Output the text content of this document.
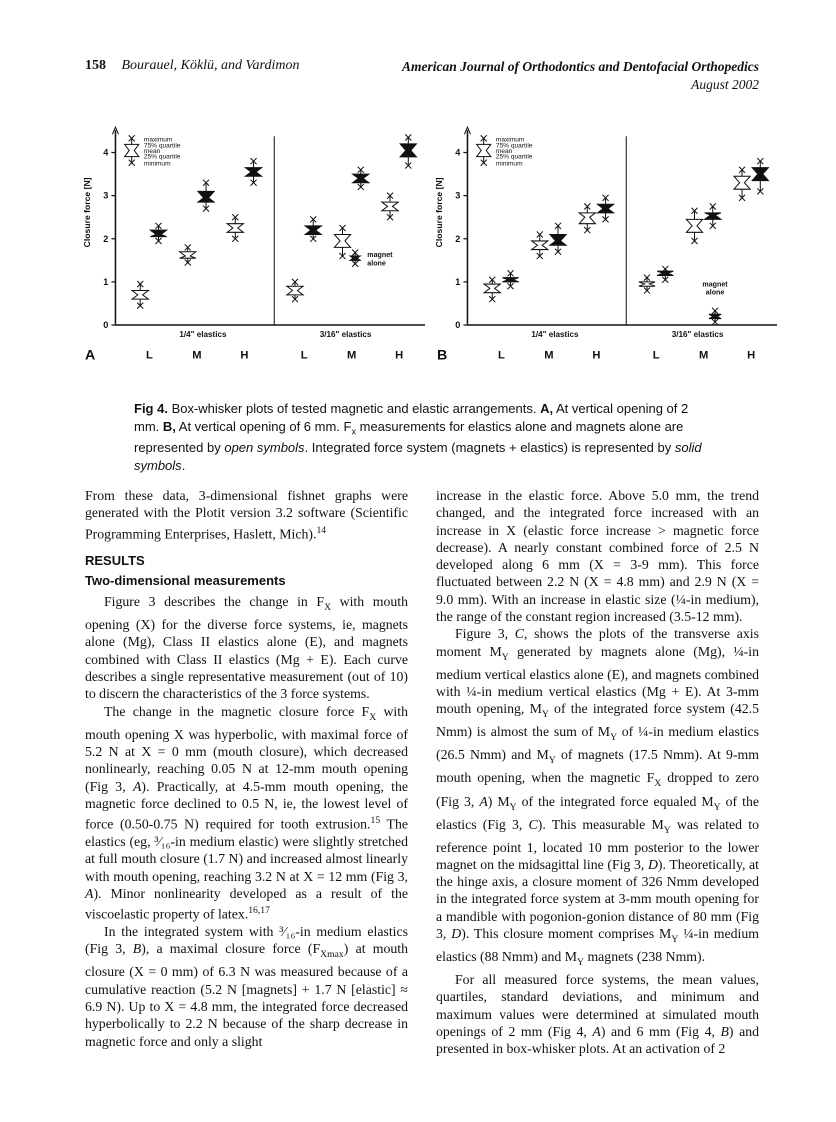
158 Bourauel, Köklü, and Vardimon	American Journal of Orthodontics and Dentofacial Orthopedics
August 2002
0
1
2
3
4
Closure force [N]
1/4" elastics	3/16" elastics
L	M	H	L	M	H
A
maximum
75% quartile
mean
25% quartile
minimum
magnet
alone
0
1
2
3
4
Closure force [N]
1/4" elastics	3/16" elastics
L	M	H	L	M	H
B
maximum
75% quartile
mean
25% quartile
minimum
magnet
alone
Fig 4. Box-whisker plots of tested magnetic and elastic arrangements. A, At vertical opening of 2 mm. B, At vertical opening of 6 mm. $F_x$ measurements for elastics alone and magnets alone are represented by open symbols. Integrated force system (magnets + elastics) is represented by solid symbols.

From these data, 3-dimensional fishnet graphs were generated with the Plotit version 3.2 software (Scientific Programming Enterprises, Haslett, Mich).$^{14}$

RESULTS
Two-dimensional measurements

Figure 3 describes the change in $F_X$ with mouth opening (X) for the diverse force systems, ie, magnets alone (Mg), Class II elastics alone (E), and magnets combined with Class II elastics (Mg + E). Each curve describes a single representative measurement (out of 10) to discern the characteristics of the 3 force systems.

The change in the magnetic closure force $F_X$ with mouth opening X was hyperbolic, with maximal force of 5.2 N at X = 0 mm (mouth closure), which decreased nonlinearly, reaching 0.05 N at 12-mm mouth opening (Fig 3, A). Practically, at 4.5-mm mouth opening, the magnetic force declined to 0.5 N, ie, the lowest level of force (0.50-0.75 N) required for tooth extrusion.$^{15}$ The elastics (eg, ³⁄₁₆-in medium elastic) were slightly stretched at full mouth closure (1.7 N) and increased almost linearly with mouth opening, reaching 3.2 N at X = 12 mm (Fig 3, A). Minor nonlinearity developed as a result of the viscoelastic property of latex.$^{16,17}$

In the integrated system with ³⁄₁₆-in medium elastics (Fig 3, B), a maximal closure force $(F_{Xmax})$ at mouth closure (X = 0 mm) of 6.3 N was measured because of a cumulative reaction (5.2 N [magnets] + 1.7 N [elastic] ≈ 6.9 N). Up to X = 4.8 mm, the integrated force decreased hyperbolically to 2.2 N because of the sharp decrease in magnetic force and only a slight

increase in the elastic force. Above 5.0 mm, the trend changed, and the integrated force increased with an increase in X (elastic force increase > magnetic force decrease). A nearly constant combined force of 2.5 N developed along 6 mm (X = 3-9 mm). This force fluctuated between 2.2 N (X = 4.8 mm) and 2.9 N (X = 9.0 mm). With an increase in elastic size (¼-in medium), the range of the constant region increased (3.5-12 mm).

Figure 3, C, shows the plots of the transverse axis moment $M_Y$ generated by magnets alone (Mg), ¼-in medium vertical elastics alone (E), and magnets combined with ¼-in medium vertical elastics (Mg + E). At 3-mm mouth opening, $M_Y$ of the integrated force system (42.5 Nmm) is almost the sum of $M_Y$ of ¼-in medium elastics (26.5 Nmm) and $M_Y$ of magnets (17.5 Nmm). At 9-mm mouth opening, when the magnetic $F_X$ dropped to zero (Fig 3, A) $M_Y$ of the integrated force equaled $M_Y$ of the elastics (Fig 3, C). This measurable $M_Y$ was related to reference point 1, located 10 mm posterior to the lower magnet on the midsagittal line (Fig 3, D). Theoretically, at the hinge axis, a closure moment of 326 Nmm developed in the integrated force system at 3-mm mouth opening for a mandible with pogonion-gonion distance of 80 mm (Fig 3, D). This closure moment comprises $M_Y$ ¼-in medium elastics (88 Nmm) and $M_Y$ magnets (238 Nmm).

For all measured force systems, the mean values, quartiles, standard deviations, and minimum and maximum values were determined at simulated mouth openings of 2 mm (Fig 4, A) and 6 mm (Fig 4, B) and presented in box-whisker plots. At an activation of 2
